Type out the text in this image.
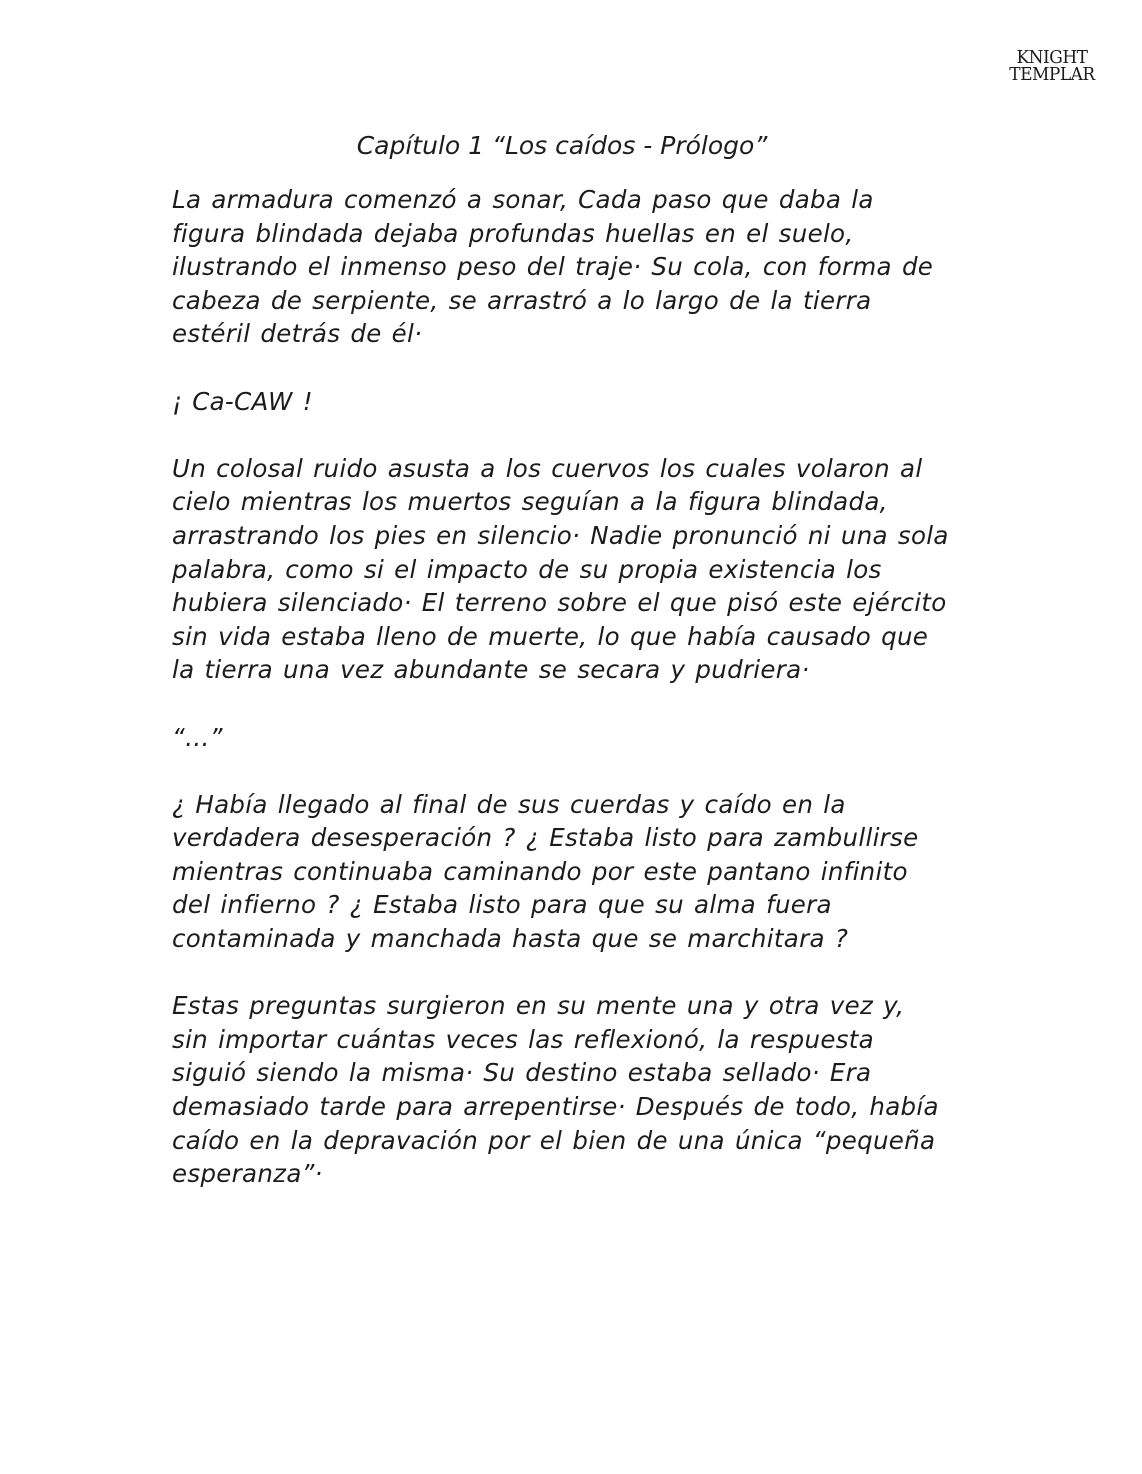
KNIGHT
TEMPLAR
Capítulo 1 “Los caídos - Prólogo”
La armadura comenzó a sonar, Cada paso que daba la
figura blindada dejaba profundas huellas en el suelo,
ilustrando el inmenso peso del traje· Su cola, con forma de
cabeza de serpiente, se arrastró a lo largo de la tierra
estéril detrás de él·
¡ Ca-CAW !
Un colosal ruido asusta a los cuervos los cuales volaron al
cielo mientras los muertos seguían a la figura blindada,
arrastrando los pies en silencio· Nadie pronunció ni una sola
palabra, como si el impacto de su propia existencia los
hubiera silenciado· El terreno sobre el que pisó este ejército
sin vida estaba lleno de muerte, lo que había causado que
la tierra una vez abundante se secara y pudriera·
“…”
¿ Había llegado al final de sus cuerdas y caído en la
verdadera desesperación ? ¿ Estaba listo para zambullirse
mientras continuaba caminando por este pantano infinito
del infierno ? ¿ Estaba listo para que su alma fuera
contaminada y manchada hasta que se marchitara ?
Estas preguntas surgieron en su mente una y otra vez y,
sin importar cuántas veces las reflexionó, la respuesta
siguió siendo la misma· Su destino estaba sellado· Era
demasiado tarde para arrepentirse· Después de todo, había
caído en la depravación por el bien de una única “pequeña
esperanza”·
